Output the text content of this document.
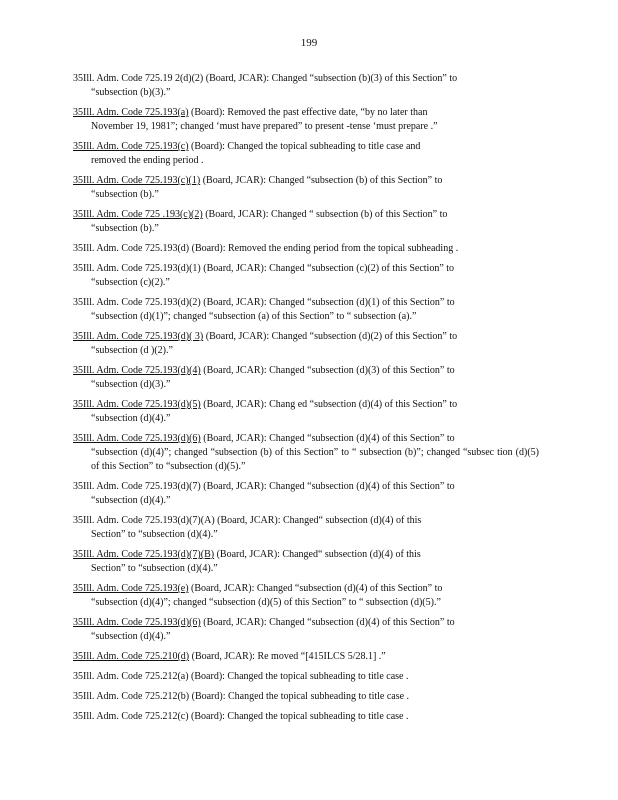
199
35Ill. Adm. Code 725.19 2(d)(2) (Board, JCAR): Changed “subsection (b)(3) of this Section” to
“subsection (b)(3).”
35Ill. Adm. Code 725.193(a) (Board): Removed the past effective date, “by no later than
November 19, 1981”; changed ‘must have prepared” to present -tense ‘must prepare .”
35Ill. Adm. Code 725.193(c) (Board): Changed the topical subheading to title case and
removed the ending period .
35Ill. Adm. Code 725.193(c)(1) (Board, JCAR): Changed “subsection (b) of this Section” to
“subsection (b).”
35Ill. Adm. Code 725 .193(c)(2) (Board, JCAR): Changed “ subsection (b) of this Section” to
“subsection (b).”
35Ill. Adm. Code 725.193(d) (Board): Removed the ending period from the topical subheading .
35Ill. Adm. Code 725.193(d)(1) (Board, JCAR): Changed “subsection (c)(2) of this Section” to
“subsection (c)(2).”
35Ill. Adm. Code 725.193(d)(2) (Board, JCAR): Changed “subsection (d)(1) of this Section” to
“subsection (d)(1)”; changed “subsection (a) of this Section” to “ subsection (a).”
35Ill. Adm. Code 725.193(d)( 3) (Board, JCAR): Changed “subsection (d)(2) of this Section” to
“subsection (d )(2).”
35Ill. Adm. Code 725.193(d)(4) (Board, JCAR): Changed “subsection (d)(3) of this Section” to
“subsection (d)(3).”
35Ill. Adm. Code 725.193(d)(5) (Board, JCAR): Chang ed “subsection (d)(4) of this Section” to
“subsection (d)(4).”
35Ill. Adm. Code 725.193(d)(6) (Board, JCAR): Changed “subsection (d)(4) of this Section” to
“subsection (d)(4)”; changed “subsection (b) of this Section” to “ subsection (b)”; changed “subsec tion (d)(5) of this Section” to “subsection (d)(5).”
35Ill. Adm. Code 725.193(d)(7) (Board, JCAR): Changed “subsection (d)(4) of this Section” to
“subsection (d)(4).”
35Ill. Adm. Code 725.193(d)(7)(A) (Board, JCAR): Changed“ subsection (d)(4) of this
Section” to “subsection (d)(4).”
35Ill. Adm. Code 725.193(d)(7)(B) (Board, JCAR): Changed“ subsection (d)(4) of this
Section” to “subsection (d)(4).”
35Ill. Adm. Code 725.193(e) (Board, JCAR): Changed “subsection (d)(4) of this Section” to
“subsection (d)(4)”; changed “subsection (d)(5) of this Section” to “ subsection (d)(5).”
35Ill. Adm. Code 725.193(d)(6) (Board, JCAR): Changed “subsection (d)(4) of this Section” to
“subsection (d)(4).”
35Ill. Adm. Code 725.210(d) (Board, JCAR): Re moved “[415ILCS 5/28.1] .”
35Ill. Adm. Code 725.212(a) (Board): Changed the topical subheading to title case .
35Ill. Adm. Code 725.212(b) (Board): Changed the topical subheading to title case .
35Ill. Adm. Code 725.212(c) (Board): Changed the topical subheading to title case .
